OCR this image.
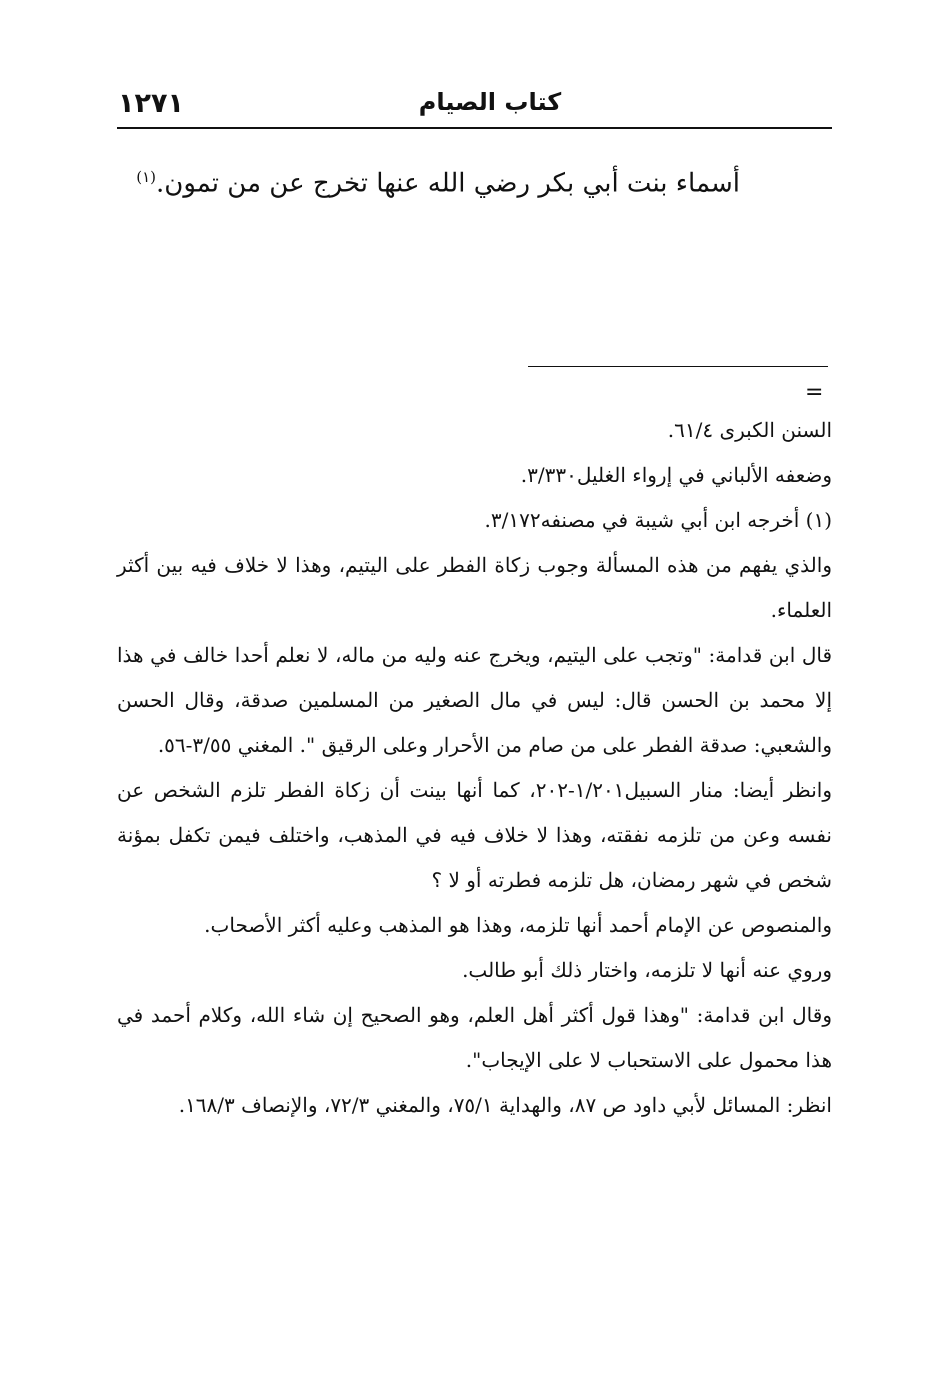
١٢٧١	كتاب الصيام
أسماء بنت أبي بكر رضي الله عنها تخرج عن من تمون.$^{(١)}$
=

السنن الكبرى ٦١/٤.

وضعفه الألباني في إرواء الغليل٣/٣٣٠.

(١) أخرجه ابن أبي شيبة في مصنفه٣/١٧٢.

والذي يفهم من هذه المسألة وجوب زكاة الفطر على اليتيم، وهذا لا خلاف فيه بين أكثر العلماء.

قال ابن قدامة: "وتجب على اليتيم، ويخرج عنه وليه من ماله، لا نعلم أحدا خالف في هذا إلا محمد بن الحسن قال: ليس في مال الصغير من المسلمين صدقة، وقال الحسن والشعبي: صدقة الفطر على من صام من الأحرار وعلى الرقيق ". المغني ٣/٥٥-٥٦.

وانظر أيضا: منار السبيل١/٢٠١-٢٠٢، كما أنها بينت أن زكاة الفطر تلزم الشخص عن نفسه وعن من تلزمه نفقته، وهذا لا خلاف فيه في المذهب، واختلف فيمن تكفل بمؤنة شخص في شهر رمضان، هل تلزمه فطرته أو لا ؟

والمنصوص عن الإمام أحمد أنها تلزمه، وهذا هو المذهب وعليه أكثر الأصحاب.

وروي عنه أنها لا تلزمه، واختار ذلك أبو طالب.

وقال ابن قدامة: "وهذا قول أكثر أهل العلم، وهو الصحيح إن شاء الله، وكلام أحمد في هذا محمول على الاستحباب لا على الإيجاب".

انظر: المسائل لأبي داود ص ٨٧، والهداية ٧٥/١، والمغني ٧٢/٣، والإنصاف ١٦٨/٣.
